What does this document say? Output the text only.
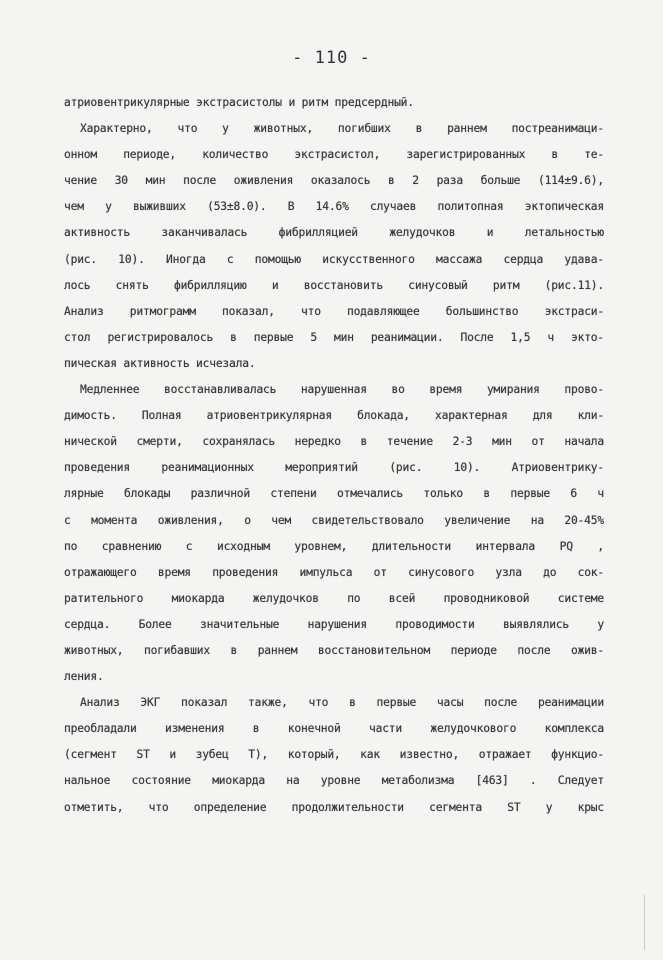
- 110 -
атриовентрикулярные экстрасистолы и ритм предсердный.
Характерно, что у животных, погибших в раннем постреанимаци-
онном периоде, количество экстрасистол, зарегистрированных в те-
чение 30 мин после оживления оказалось в 2 раза больше (114±9.6),
чем у выживших (53±8.0). В 14.6% случаев политопная эктопическая
активность заканчивалась фибрилляцией желудочков и летальностью
(рис. 10). Иногда с помощью искусственного массажа сердца удава-
лось снять фибрилляцию и восстановить синусовый ритм (рис.11).
Анализ ритмограмм показал, что подавляющее большинство экстраси-
стол регистрировалось в первые 5 мин реанимации. После 1,5 ч экто-
пическая активность исчезала.
Медленнее восстанавливалась нарушенная во время умирания прово-
димость. Полная атриовентрикулярная блокада, характерная для кли-
нической смерти, сохранялась нередко в течение 2-3 мин от начала
проведения реанимационных мероприятий (рис. 10). Атриовентрику-
лярные блокады различной степени отмечались только в первые 6 ч
с момента оживления, о чем свидетельствовало увеличение на 20-45%
по сравнению с исходным уровнем, длительности интервала PQ ,
отражающего время проведения импульса от синусового узла до сок-
ратительного миокарда желудочков по всей проводниковой системе
сердца. Более значительные нарушения проводимости выявлялись у
животных, погибавших в раннем восстановительном периоде после ожив-
ления.
Анализ ЭКГ показал также, что в первые часы после реанимации
преобладали изменения в конечной части желудочкового комплекса
(сегмент ST и зубец Т), который, как известно, отражает функцио-
нальное состояние миокарда на уровне метаболизма [463] . Следует
отметить, что определение продолжительности сегмента ST у крыс
